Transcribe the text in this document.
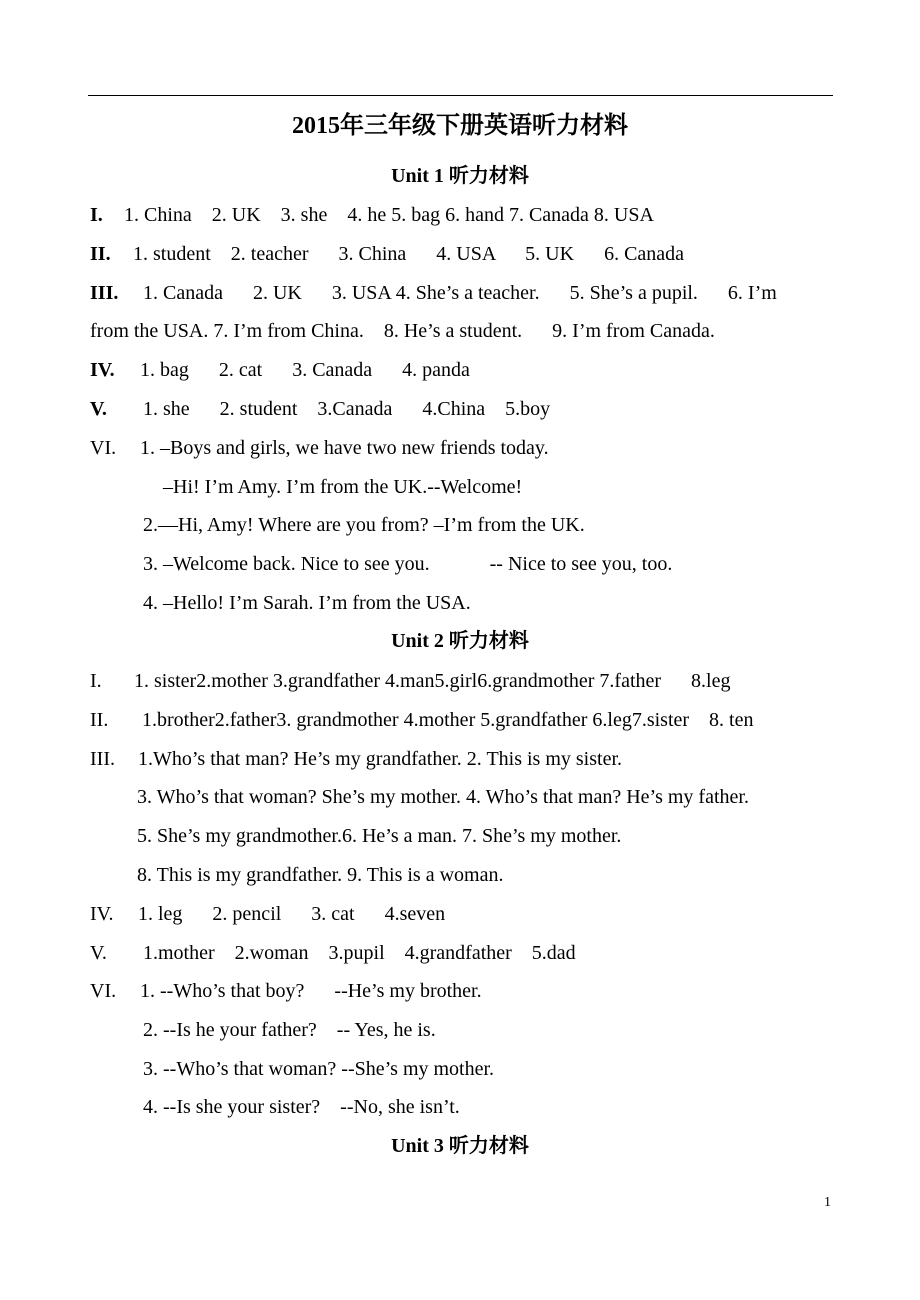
2015年三年级下册英语听力材料
Unit 1 听力材料
I. 1. China    2. UK    3. she    4. he 5. bag 6. hand 7. Canada 8. USA
II. 1. student    2. teacher      3. China      4. USA      5. UK      6. Canada
III. 1. Canada      2. UK      3. USA 4. She’s a teacher.      5. She’s a pupil.      6. I’m
from the USA. 7. I’m from China.    8. He’s a student.      9. I’m from Canada.
IV. 1. bag      2. cat      3. Canada      4. panda
V. 1. she      2. student    3.Canada      4.China    5.boy
VI. 1. –Boys and girls, we have two new friends today.
–Hi! I’m Amy. I’m from the UK.--Welcome!
2.—Hi, Amy! Where are you from? –I’m from the UK.
3. –Welcome back. Nice to see you.            -- Nice to see you, too.
4. –Hello! I’m Sarah. I’m from the USA.
Unit 2 听力材料
I. 1. sister2.mother 3.grandfather 4.man5.girl6.grandmother 7.father      8.leg
II. 1.brother2.father3. grandmother 4.mother 5.grandfather 6.leg7.sister    8. ten
III. 1.Who’s that man? He’s my grandfather. 2. This is my sister.
3. Who’s that woman? She’s my mother. 4. Who’s that man? He’s my father.
5. She’s my grandmother.6. He’s a man. 7. She’s my mother.
8. This is my grandfather. 9. This is a woman.
IV. 1. leg      2. pencil      3. cat      4.seven
V. 1.mother    2.woman    3.pupil    4.grandfather    5.dad
VI. 1. --Who’s that boy?      --He’s my brother.
2. --Is he your father?    -- Yes, he is.
3. --Who’s that woman? --She’s my mother.
4. --Is she your sister?    --No, she isn’t.
Unit 3 听力材料
1
